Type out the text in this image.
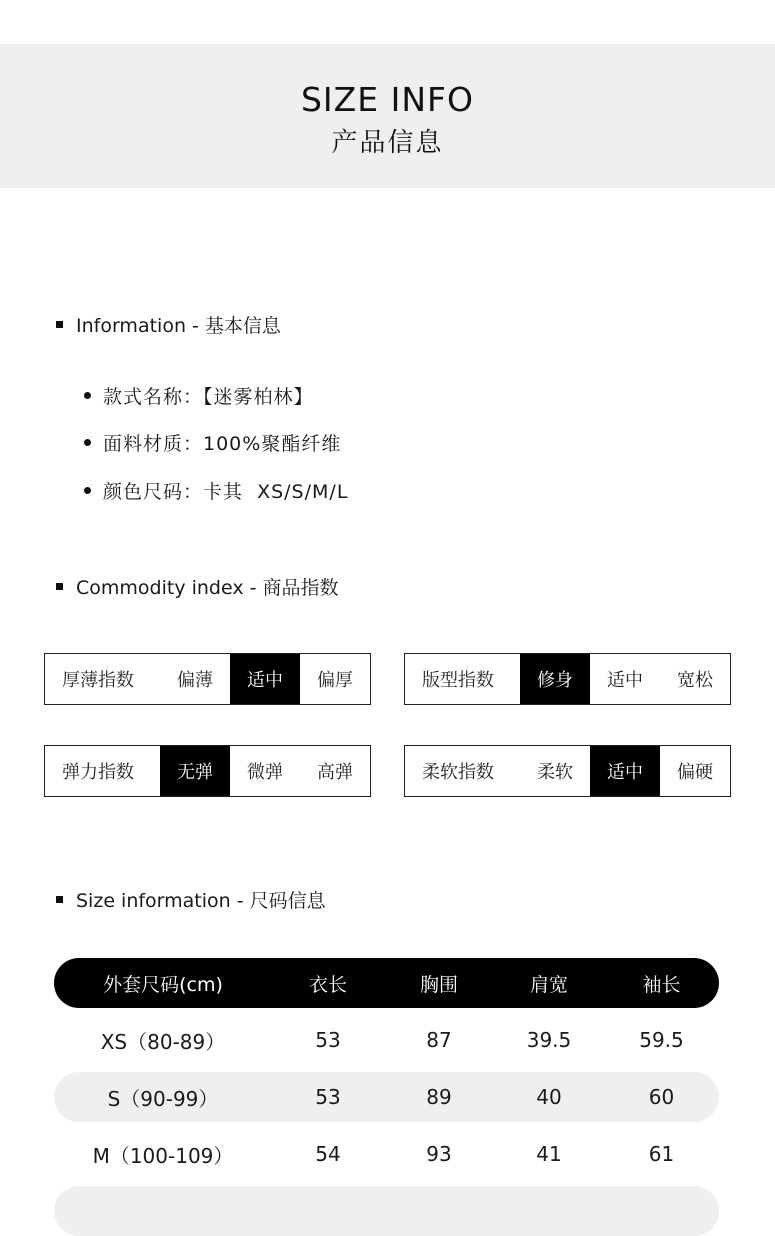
SIZE INFO
产品信息
Information - 基本信息
款式名称：【迷雾柏林】
面料材质：100%聚酯纤维
颜色尺码：卡其  XS/S/M/L
Commodity index - 商品指数
厚薄指数	偏薄	适中	偏厚	版型指数	修身	适中	宽松
弹力指数	无弹	微弹	高弹	柔软指数	柔软	适中	偏硬
Size information - 尺码信息
外套尺码(cm)	衣长	胸围	肩宽	袖长
XS（80-89）	53	87	39.5	59.5
S（90-99）	53	89	40	60
M（100-109）	54	93	41	61
